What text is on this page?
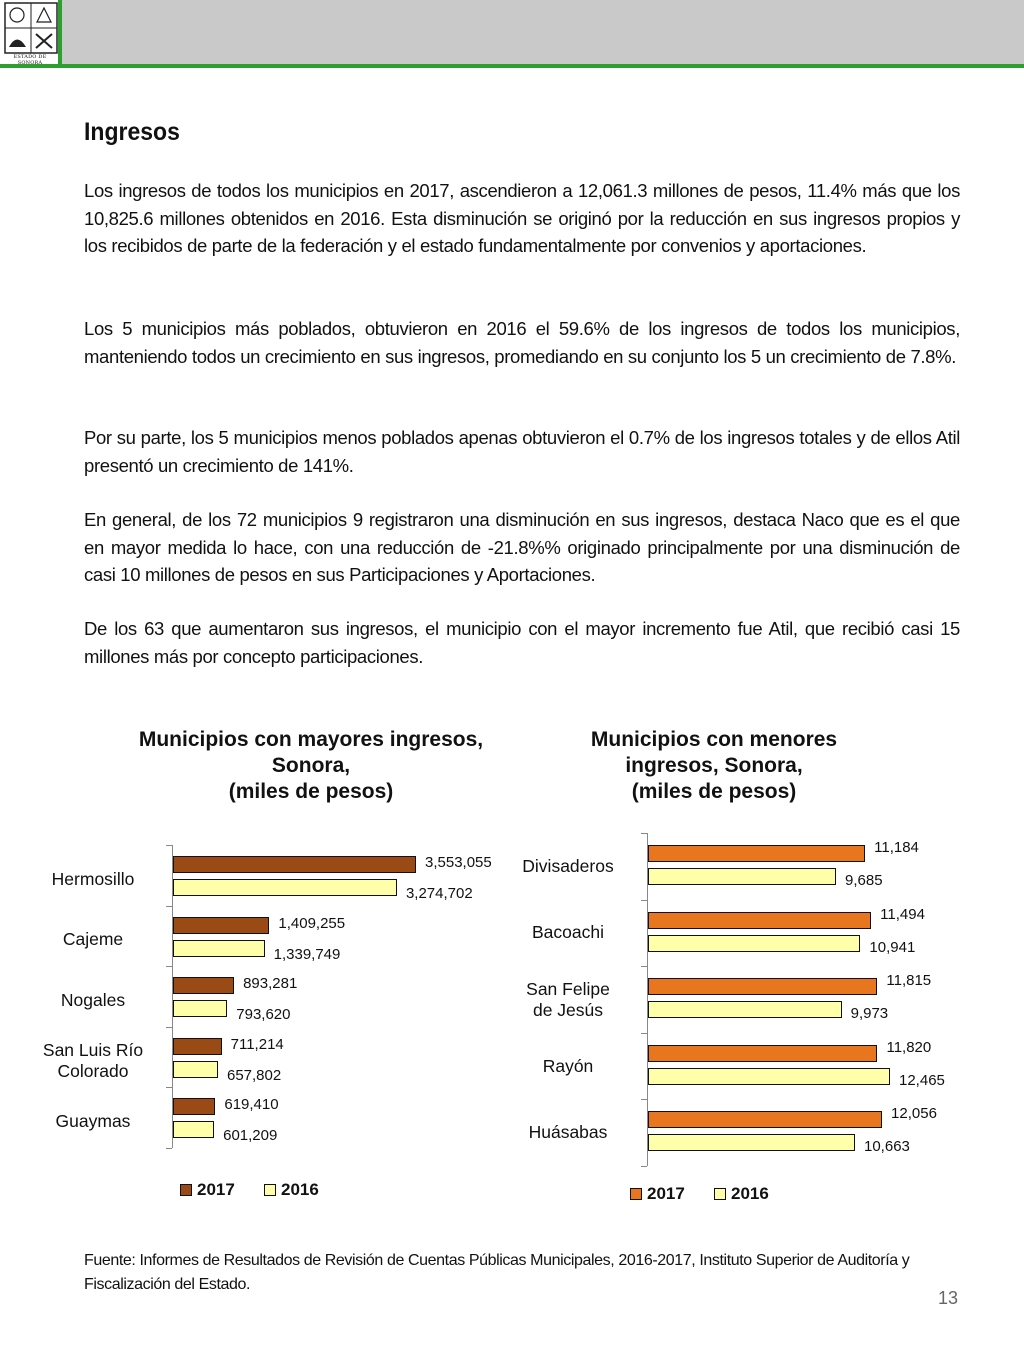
ESTADO DE SONORA
Ingresos

Los ingresos de todos los municipios en 2017, ascendieron a 12,061.3 millones de pesos, 11.4% más que los 10,825.6 millones obtenidos en 2016. Esta disminución se originó por la reducción en sus ingresos propios y los recibidos de parte de la federación y el estado fundamentalmente por convenios y aportaciones.

Los 5 municipios más poblados, obtuvieron en 2016 el 59.6% de los ingresos de todos los municipios, manteniendo todos un crecimiento en sus ingresos, promediando en su conjunto los 5 un crecimiento de 7.8%.

Por su parte, los 5 municipios menos poblados apenas obtuvieron el 0.7% de los ingresos totales y de ellos Atil presentó un crecimiento de 141%.

En general, de los 72 municipios 9 registraron una disminución en sus ingresos, destaca Naco que es el que en mayor medida lo hace, con una reducción de -21.8%% originado principalmente por una disminución de casi 10 millones de pesos en sus Participaciones y Aportaciones.

De los 63 que aumentaron sus ingresos, el municipio con el mayor incremento fue Atil, que recibió casi 15 millones más por concepto participaciones.

Fuente: Informes de Resultados de Revisión de Cuentas Públicas Municipales, 2016-2017, Instituto Superior de Auditoría y Fiscalización del Estado.
13
Municipios con mayores ingresos,
Sonora,
(miles de pesos)
Hermosillo
3,553,055
3,274,702
Cajeme
1,409,255
1,339,749
Nogales
893,281
793,620
San Luis Río
Colorado
711,214
657,802
Guaymas
619,410
601,209
2017	2016
Municipios con menores
ingresos, Sonora,
(miles de pesos)
Divisaderos
11,184
9,685
Bacoachi
11,494
10,941
San Felipe
de Jesús
11,815
9,973
Rayón
11,820
12,465
Huásabas
12,056
10,663
2017	2016
